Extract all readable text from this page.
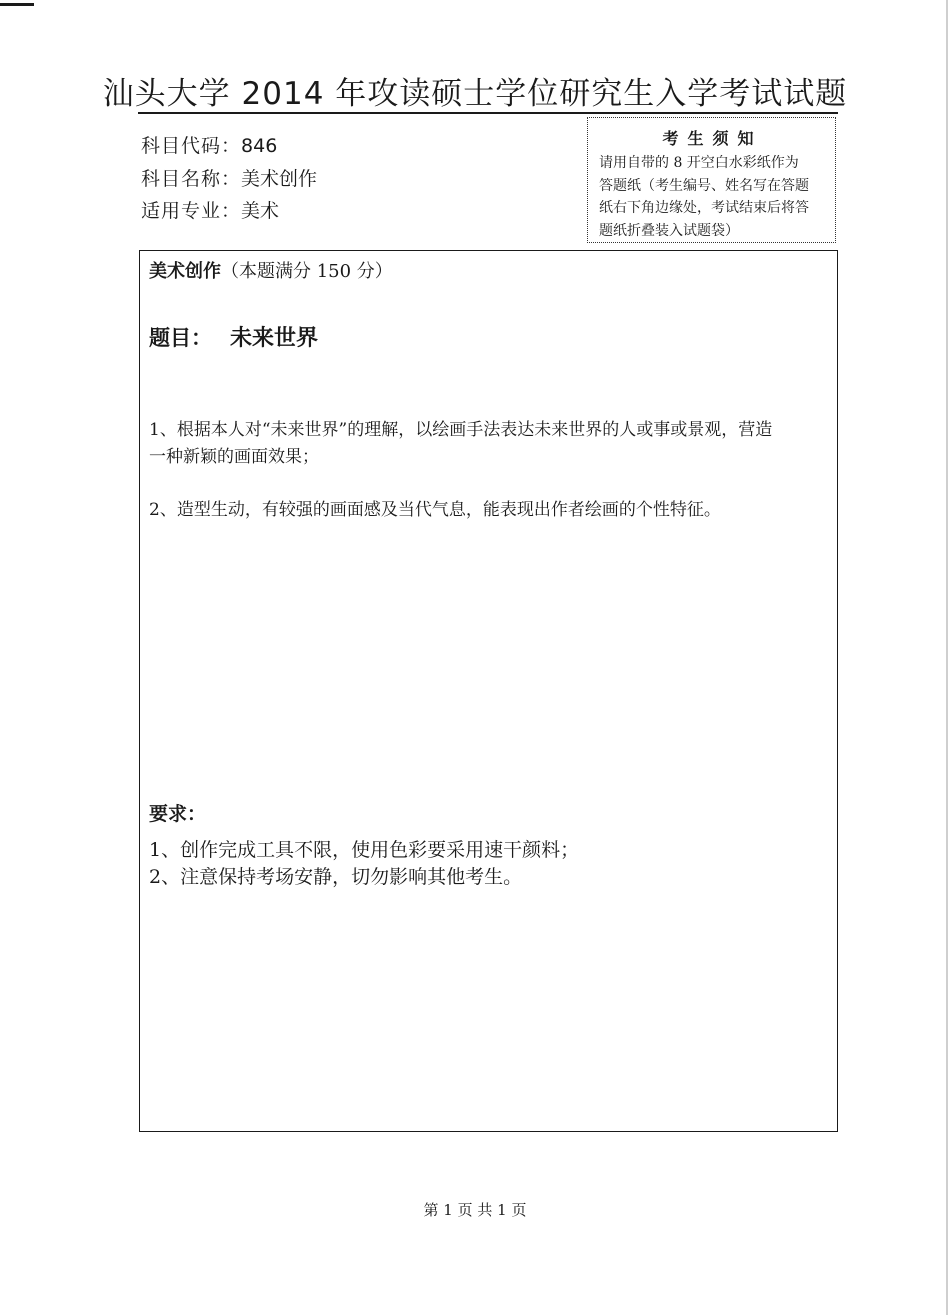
汕头大学 2014 年攻读硕士学位研究生入学考试试题
科目代码：846
科目名称：美术创作
适用专业：美术
考生须知
请用自带的 8 开空白水彩纸作为
答题纸（考生编号、姓名写在答题
纸右下角边缘处，考试结束后将答
题纸折叠装入试题袋）
美术创作（本题满分 150 分）
题目： 未来世界
1、根据本人对“未来世界”的理解，以绘画手法表达未来世界的人或事或景观，营造
一种新颖的画面效果；
2、造型生动，有较强的画面感及当代气息，能表现出作者绘画的个性特征。
要求：
1、创作完成工具不限，使用色彩要采用速干颜料；
2、注意保持考场安静，切勿影响其他考生。
第 1 页 共 1 页
